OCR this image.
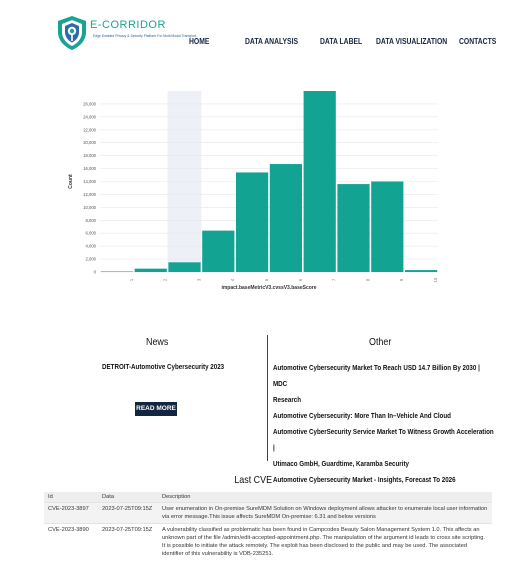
E-CORRIDOR
Edge Enabled Privacy & Security Platform For Multi Modal Transport
HOME	DATA ANALYSIS	DATA LABEL DATA VISUALIZATION CONTACTS
0
2,000
4,000
6,000
8,000
10,000
12,000
14,000
16,000
18,000
20,000
22,000
24,000
26,000
1	2	3	4	5	6	7	8	9	10
impact.baseMetricV3.cvssV3.baseScore
Count
News
DETROIT-Automotive Cybersecurity 2023
READ MORE
Other
Automotive Cybersecurity Market To Reach USD 14.7 Billion By 2030 | MDC
Research
Automotive Cybersecurity: More Than In–Vehicle And Cloud
Automotive CyberSecurity Service Market To Witness Growth Acceleration |
Utimaco GmbH, Guardtime, Karamba Security
Automotive Cybersecurity Market - Insights, Forecast To 2026
Last CVE
Id	Data	Description
CVE-2023-3897	2023-07-25T09:15Z	User enumeration in On-premise SureMDM Solution on Windows deployment allows attacker to enumerate local user information via error message.This issue affects SureMDM On-premise: 6.31 and below versions
CVE-2023-3890	2023-07-25T09:15Z	A vulnerability classified as problematic has been found in Campcodes Beauty Salon Management System 1.0. This affects an unknown part of the file /admin/edit-accepted-appointment.php. The manipulation of the argument id leads to cross site scripting. It is possible to initiate the attack remotely. The exploit has been disclosed to the public and may be used. The associated identifier of this vulnerability is VDB-235251.
